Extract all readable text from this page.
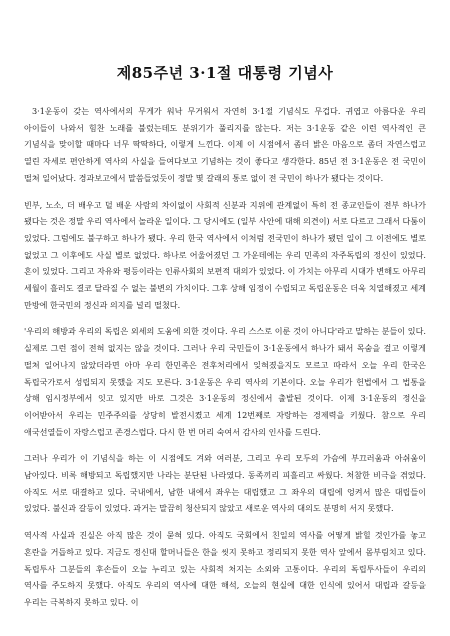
제85주년 3·1절 대통령 기념사

3·1운동이 갖는 역사에서의 무게가 워낙 무거워서 자연히 3·1절 기념식도 무겁다. 귀엽고 아름다운 우리 아이들이 나와서 힘찬 노래를 불렀는데도 분위기가 풀리지를 않는다. 저는 3·1운동 같은 이런 역사적인 큰 기념식을 맞이할 때마다 너무 딱딱하다, 이렇게 느낀다. 이제 이 시점에서 좀더 밝은 마음으로 좀더 자연스럽고 열린 자세로 편안하게 역사의 사실을 들여다보고 기념하는 것이 좋다고 생각한다. 85년 전 3·1운동은 전 국민이 떨쳐 일어났다. 경과보고에서 말씀들었듯이 정말 몇 갈래의 통로 없이 전 국민이 하나가 됐다는 것이다.

빈부, 노소, 더 배우고 덜 배운 사람의 차이없이 사회적 신분과 지위에 관계없이 특히 전 종교인들이 전부 하나가 됐다는 것은 정말 우리 역사에서 놀라운 일이다. 그 당시에도 (일부 사안에 대해 의견이) 서로 다르고 그래서 다툼이 있었다. 그럼에도 불구하고 하나가 됐다. 우리 한국 역사에서 이처럼 전국민이 하나가 됐던 일이 그 이전에도 별로 없었고 그 이후에도 사실 별로 없었다. 하나로 어울어졌던 그 가운데에는 우리 민족의 자주독립의 정신이 있었다. 혼이 있었다. 그리고 자유와 평등이라는 인류사회의 보편적 대의가 있었다. 이 가치는 아무리 시대가 변해도 아무리 세월이 흘러도 결코 달라질 수 없는 불변의 가치이다. 그후 상해 임정이 수립되고 독립운동은 더욱 치열해졌고 세계 만방에 한국민의 정신과 의지를 널리 떨쳤다.

'우리의 해방과 우리의 독립은 외세의 도움에 의한 것이다. 우리 스스로 이룬 것이 아니다'라고 말하는 분들이 있다. 실제로 그런 점이 전혀 없지는 않을 것이다. 그러나 우리 국민들이 3·1운동에서 하나가 돼서 목숨을 걸고 이렇게 떨쳐 일어나지 않았더라면 아마 우리 한민족은 전후처리에서 잊혀졌을지도 모르고 따라서 오늘 우리 한국은 독립국가로서 성립되지 못했을 지도 모른다. 3·1운동은 우리 역사의 기본이다. 오늘 우리가 헌법에서 그 법통을 상해 임시정부에서 잇고 있지만 바로 그것은 3·1운동의 정신에서 출발된 것이다. 이제 3·1운동의 정신을 이어받아서 우리는 민주주의를 상당히 발전시켰고 세계 12번째로 자랑하는 경제력을 키웠다. 참으로 우리 애국선열들이 자랑스럽고 존경스럽다. 다시 한 번 머리 숙여서 감사의 인사를 드린다.

그러나 우리가 이 기념식을 하는 이 시점에도 겨와 여러분, 그리고 우리 모두의 가슴에 부끄러움과 아쉬움이 남아있다. 비록 해방되고 독립했지만 나라는 분단된 나라였다. 동족끼리 피흘리고 싸웠다. 처참한 비극을 겪었다. 아직도 서로 대결하고 있다. 국내에서, 남한 내에서 좌우는 대립했고 그 좌우의 대립에 엉켜서 많은 대립들이 있었다. 불신과 갈등이 있었다. 과거는 말끔히 청산되지 않았고 새로운 역사의 대의도 분명히 서지 못했다.

역사적 사실과 진실은 아직 많은 것이 묻혀 있다. 아직도 국회에서 친일의 역사를 어떻게 밝힐 것인가를 놓고 혼란을 거듭하고 있다. 지금도 정신대 할머니들은 한을 씻지 못하고 정리되지 못한 역사 앞에서 몸부림치고 있다. 독립투사 그분들의 후손들이 오늘 누리고 있는 사회적 처지는 소외와 고통이다. 우리의 독립투사들이 우리의 역사를 주도하지 못했다. 아직도 우리의 역사에 대한 해석, 오늘의 현실에 대한 인식에 있어서 대립과 갈등을 우리는 극복하지 못하고 있다. 이
